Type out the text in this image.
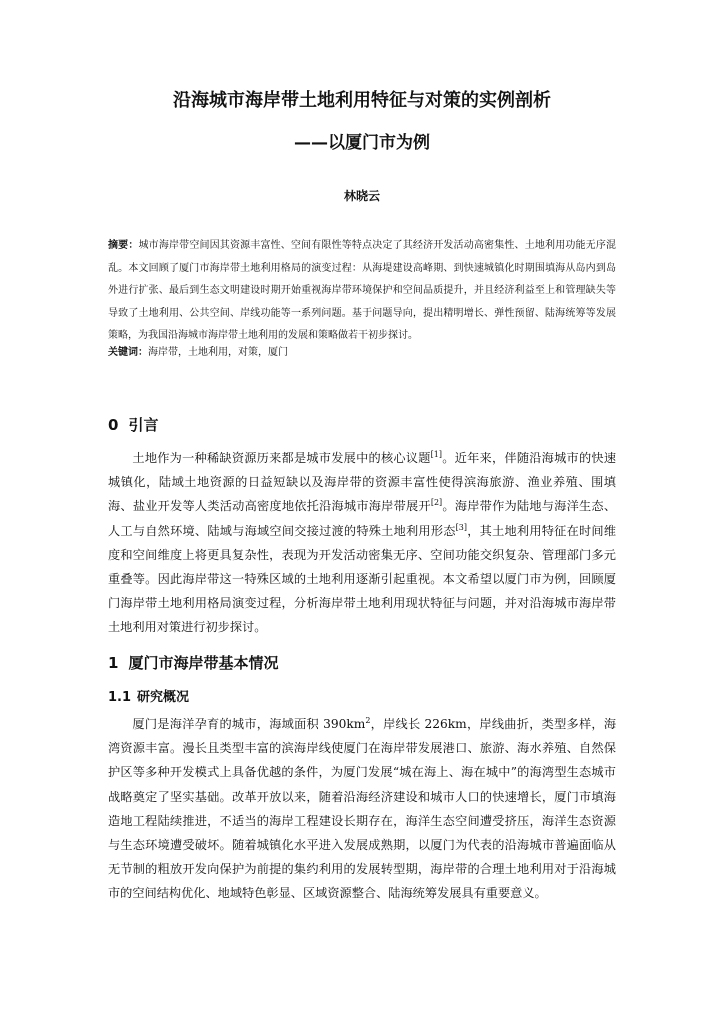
沿海城市海岸带土地利用特征与对策的实例剖析
——以厦门市为例
林晓云
摘要：城市海岸带空间因其资源丰富性、空间有限性等特点决定了其经济开发活动高密集性、土地利用功能无序混乱。本文回顾了厦门市海岸带土地利用格局的演变过程：从海堤建设高峰期、到快速城镇化时期围填海从岛内到岛外进行扩张、最后到生态文明建设时期开始重视海岸带环境保护和空间品质提升，并且经济利益至上和管理缺失等导致了土地利用、公共空间、岸线功能等一系列问题。基于问题导向，提出精明增长、弹性预留、陆海统筹等发展策略，为我国沿海城市海岸带土地利用的发展和策略做若干初步探讨。
关键词：海岸带，土地利用，对策，厦门
0 引言
土地作为一种稀缺资源历来都是城市发展中的核心议题[1]。近年来，伴随沿海城市的快速城镇化，陆域土地资源的日益短缺以及海岸带的资源丰富性使得滨海旅游、渔业养殖、围填海、盐业开发等人类活动高密度地依托沿海城市海岸带展开[2]。海岸带作为陆地与海洋生态、人工与自然环境、陆域与海域空间交接过渡的特殊土地利用形态[3]，其土地利用特征在时间维度和空间维度上将更具复杂性，表现为开发活动密集无序、空间功能交织复杂、管理部门多元重叠等。因此海岸带这一特殊区域的土地利用逐渐引起重视。本文希望以厦门市为例，回顾厦门海岸带土地利用格局演变过程，分析海岸带土地利用现状特征与问题，并对沿海城市海岸带土地利用对策进行初步探讨。
1 厦门市海岸带基本情况
1.1 研究概况
厦门是海洋孕育的城市，海域面积 $390km^2$，岸线长 226km，岸线曲折，类型多样，海湾资源丰富。漫长且类型丰富的滨海岸线使厦门在海岸带发展港口、旅游、海水养殖、自然保护区等多种开发模式上具备优越的条件，为厦门发展“城在海上、海在城中”的海湾型生态城市战略奠定了坚实基础。改革开放以来，随着沿海经济建设和城市人口的快速增长，厦门市填海造地工程陆续推进，不适当的海岸工程建设长期存在，海洋生态空间遭受挤压，海洋生态资源与生态环境遭受破坏。随着城镇化水平进入发展成熟期，以厦门为代表的沿海城市普遍面临从无节制的粗放开发向保护为前提的集约利用的发展转型期，海岸带的合理土地利用对于沿海城市的空间结构优化、地域特色彰显、区域资源整合、陆海统筹发展具有重要意义。
